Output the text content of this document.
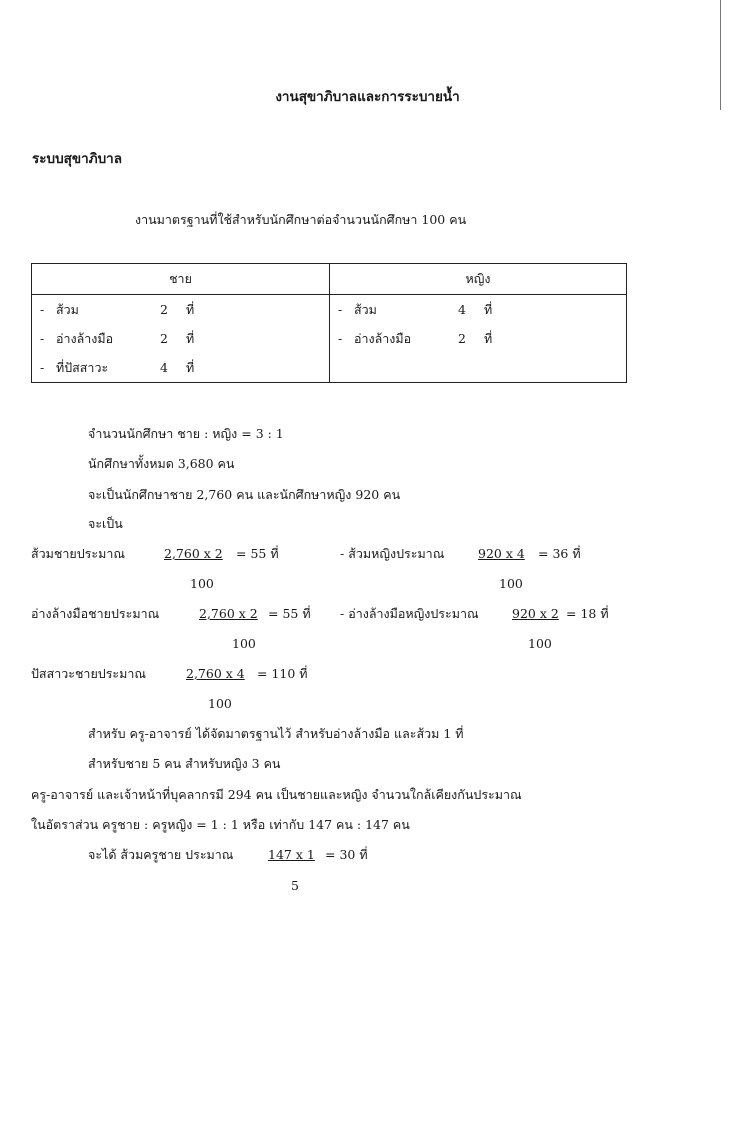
งานสุขาภิบาลและการระบายน้ำ
ระบบสุขาภิบาล
งานมาตรฐานที่ใช้สำหรับนักศึกษาต่อจำนวนนักศึกษา 100 คน
ชาย	หญิง

- ส้วม 2 ที่	- ส้วม 4 ที่

- อ่างล้างมือ 2 ที่	- อ่างล้างมือ 2 ที่

- ที่ปัสสาวะ 4 ที่	

จำนวนนักศึกษา ชาย : หญิง = 3 : 1
นักศึกษาทั้งหมด 3,680 คน
จะเป็นนักศึกษาชาย 2,760 คน และนักศึกษาหญิง 920 คน
จะเป็น
ส้วมชายประมาณ	2,760 x 2 = 55 ที่
100
- ส้วมหญิงประมาณ	920 x 4 = 36 ที่
100
อ่างล้างมือชายประมาณ	2,760 x 2 = 55 ที่
100
- อ่างล้างมือหญิงประมาณ	920 x 2 = 18 ที่
100
ปัสสาวะชายประมาณ	2,760 x 4 = 110 ที่
100
สำหรับ ครู-อาจารย์ ได้จัดมาตรฐานไว้ สำหรับอ่างล้างมือ และส้วม 1 ที่
สำหรับชาย 5 คน สำหรับหญิง 3 คน
ครู-อาจารย์ และเจ้าหน้าที่บุคลากรมี 294 คน เป็นชายและหญิง จำนวนใกล้เคียงกันประมาณ
ในอัตราส่วน ครูชาย : ครูหญิง = 1 : 1 หรือ เท่ากับ 147 คน : 147 คน
จะได้ ส้วมครูชาย ประมาณ	147 x 1 = 30 ที่
5
